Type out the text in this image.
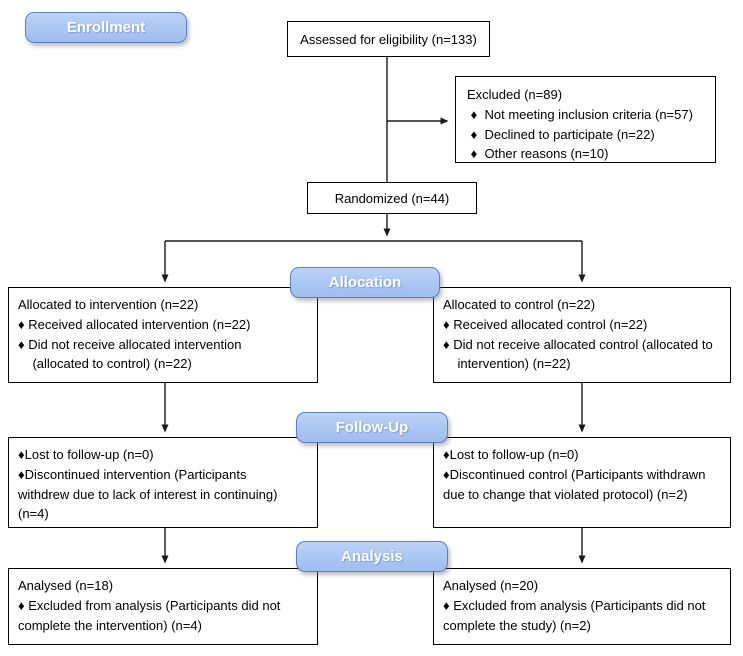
Enrollment
Assessed for eligibility (n=133)
Excluded (n=89)
♦  Not meeting inclusion criteria (n=57)
♦  Declined to participate (n=22)
♦  Other reasons (n=10)
Randomized (n=44)
Allocation
Allocated to intervention (n=22)
♦ Received allocated intervention (n=22)
♦ Did not receive allocated intervention
(allocated to control) (n=22)
Allocated to control (n=22)
♦ Received allocated control (n=22)
♦ Did not receive allocated control (allocated to
intervention) (n=22)
Follow-Up
♦Lost to follow-up (n=0)
♦Discontinued intervention (Participants
withdrew due to lack of interest in continuing)
(n=4)
♦Lost to follow-up (n=0)
♦Discontinued control (Participants withdrawn
due to change that violated protocol) (n=2)
Analysis
Analysed (n=18)
♦ Excluded from analysis (Participants did not
complete the intervention) (n=4)
Analysed (n=20)
♦ Excluded from analysis (Participants did not
complete the study) (n=2)
